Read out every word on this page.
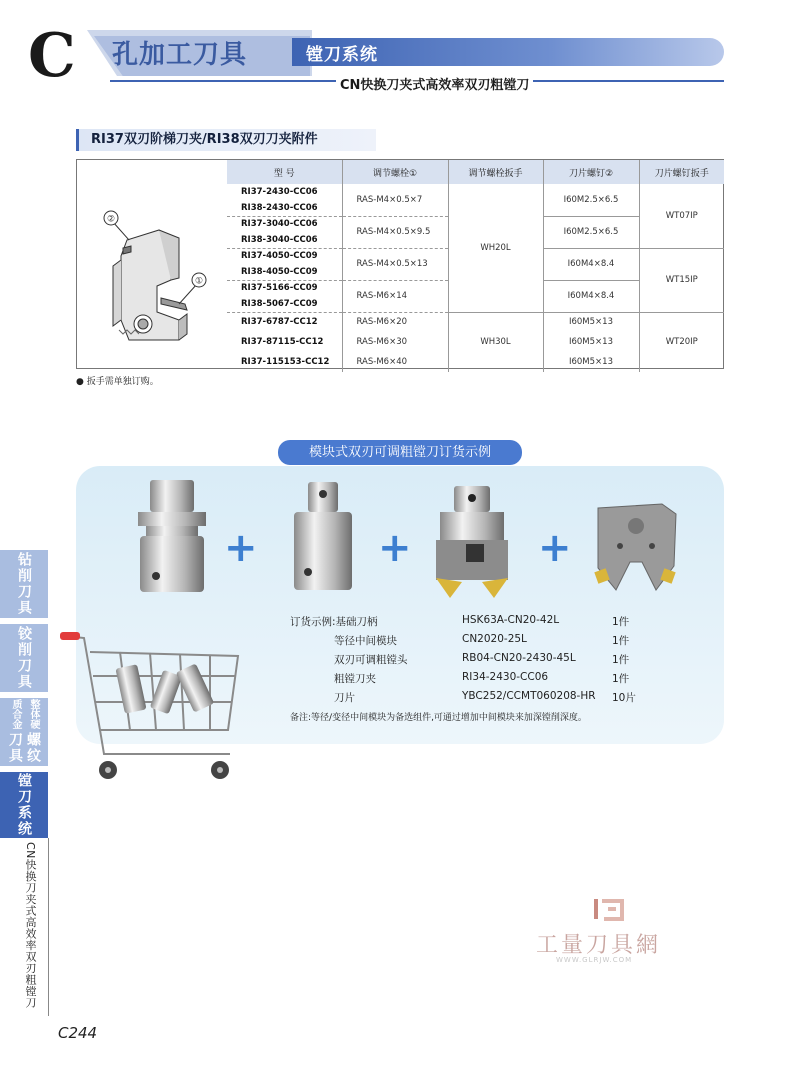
C 孔加工刀具	镗刀系统
CN快换刀夹式高效率双刃粗镗刀
RI37双刃阶梯刀夹/RI38双刃刀夹附件
②
①
型 号	调节螺栓①	调节螺栓扳手	刀片螺钉②	刀片螺钉扳手
RI37-2430-CC06	RAS-M4×0.5×7	WH20L	I60M2.5×6.5	WT07IP
RI38-2430-CC06				
RI37-3040-CC06	RAS-M4×0.5×9.5		I60M2.5×6.5	
RI38-3040-CC06				
RI37-4050-CC09	RAS-M4×0.5×13		I60M4×8.4	WT15IP
RI38-4050-CC09				
RI37-5166-CC09	RAS-M6×14		I60M4×8.4	
RI38-5067-CC09				
RI37-6787-CC12	RAS-M6×20	WH30L	I60M5×13	WT20IP
RI37-87115-CC12	RAS-M6×30		I60M5×13	
RI37-115153-CC12	RAS-M6×40		I60M5×13	
● 扳手需单独订购。
模块式双刃可调粗镗刀订货示例
+	+	+
订货示例:基础刀柄	HSK63A-CN20-42L	1件
等径中间模块	CN2020-25L	1件
双刃可调粗镗头	RB04-CN20-2430-45L	1件
粗镗刀夹	RI34-2430-CC06	1件
刀片	YBC252/CCMT060208-HR 10片
备注:等径/变径中间模块为备选组件,可通过增加中间模块来加深镗削深度。
钻削刀具
铰削刀具
螺纹刀具
整体硬质合金
镗刀系统
CN快换刀夹式高效率双刃粗镗刀	工量刀具網
WWW.GLRJW.COM
C244
